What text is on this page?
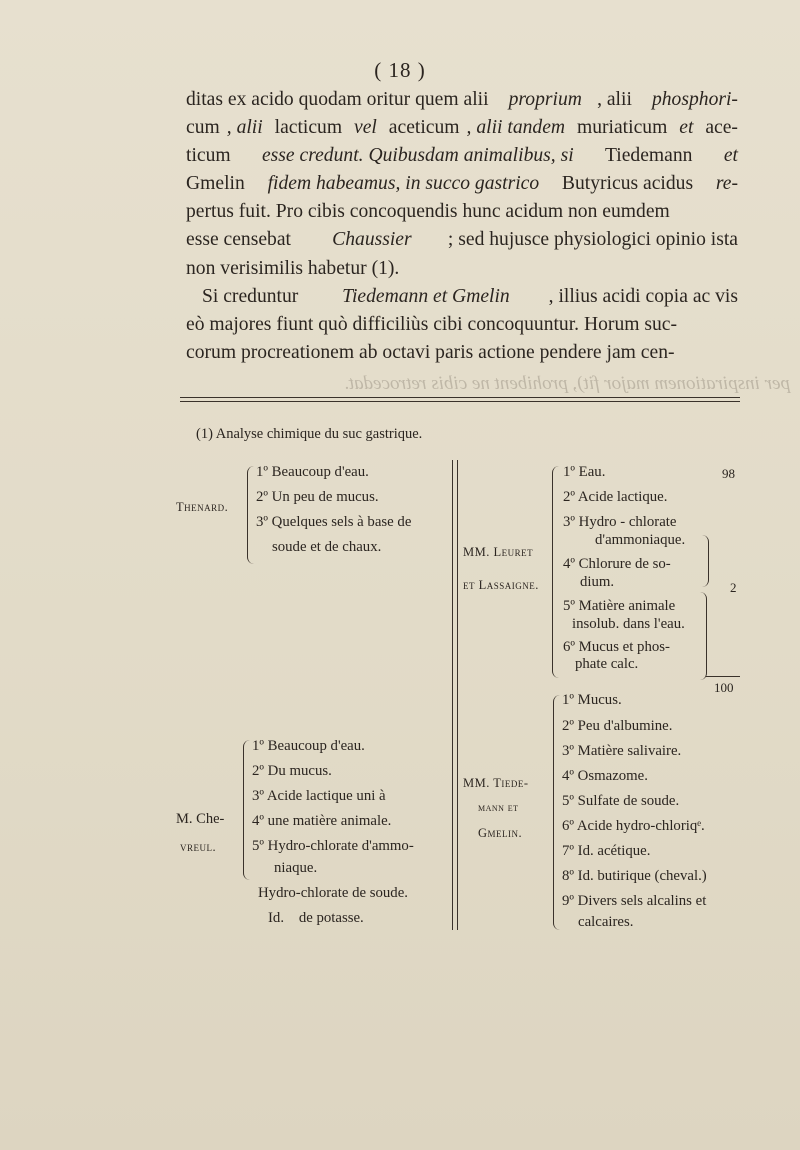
( 18 )
ditas ex acido quodam oritur quem alii proprium , alii phosphori-
cum , alii lacticum vel aceticum , alii tandem muriaticum et ace-
ticum esse credunt. Quibusdam animalibus, si Tiedemann et
Gmelin fidem habeamus, in succo gastrico Butyricus acidus re-
pertus fuit. Pro cibis concoquendis hunc acidum non eumdem
esse censebat Chaussier ; sed hujusce physiologici opinio ista
non verisimilis habetur (1).
Si creduntur Tiedemann et Gmelin , illius acidi copia ac vis
eò majores fiunt quò difficiliùs cibi concoquuntur. Horum suc-
corum procreationem ab octavi paris actione pendere jam cen-
per inspirationem major fit), prohibent ne cibis retrocedat.
(1) Analyse chimique du suc gastrique.
Thenard.
1º Beaucoup d'eau.
2º Un peu de mucus.
3º Quelques sels à base de
soude et de chaux.	MM. Leuret
et Lassaigne.
1º Eau.
2º Acide lactique.
3º Hydro - chlorate
d'ammoniaque.
4º Chlorure de so-
dium.
5º Matière animale
insolub. dans l'eau.
6º Mucus et phos-
phate calc.
98
2
100
M. Che-
vreul.
1º Beaucoup d'eau.
2º Du mucus.
3º Acide lactique uni à
4º une matière animale.
5º Hydro-chlorate d'ammo-
niaque.
Hydro-chlorate de soude.
Id.    de potasse.
MM. Tiede-
mann et
Gmelin.
1º Mucus.
2º Peu d'albumine.
3º Matière salivaire.
4º Osmazome.
5º Sulfate de soude.
6º Acide hydro-chloriqᵉ.
7º Id. acétique.
8º Id. butirique (cheval.)
9º Divers sels alcalins et
calcaires.
